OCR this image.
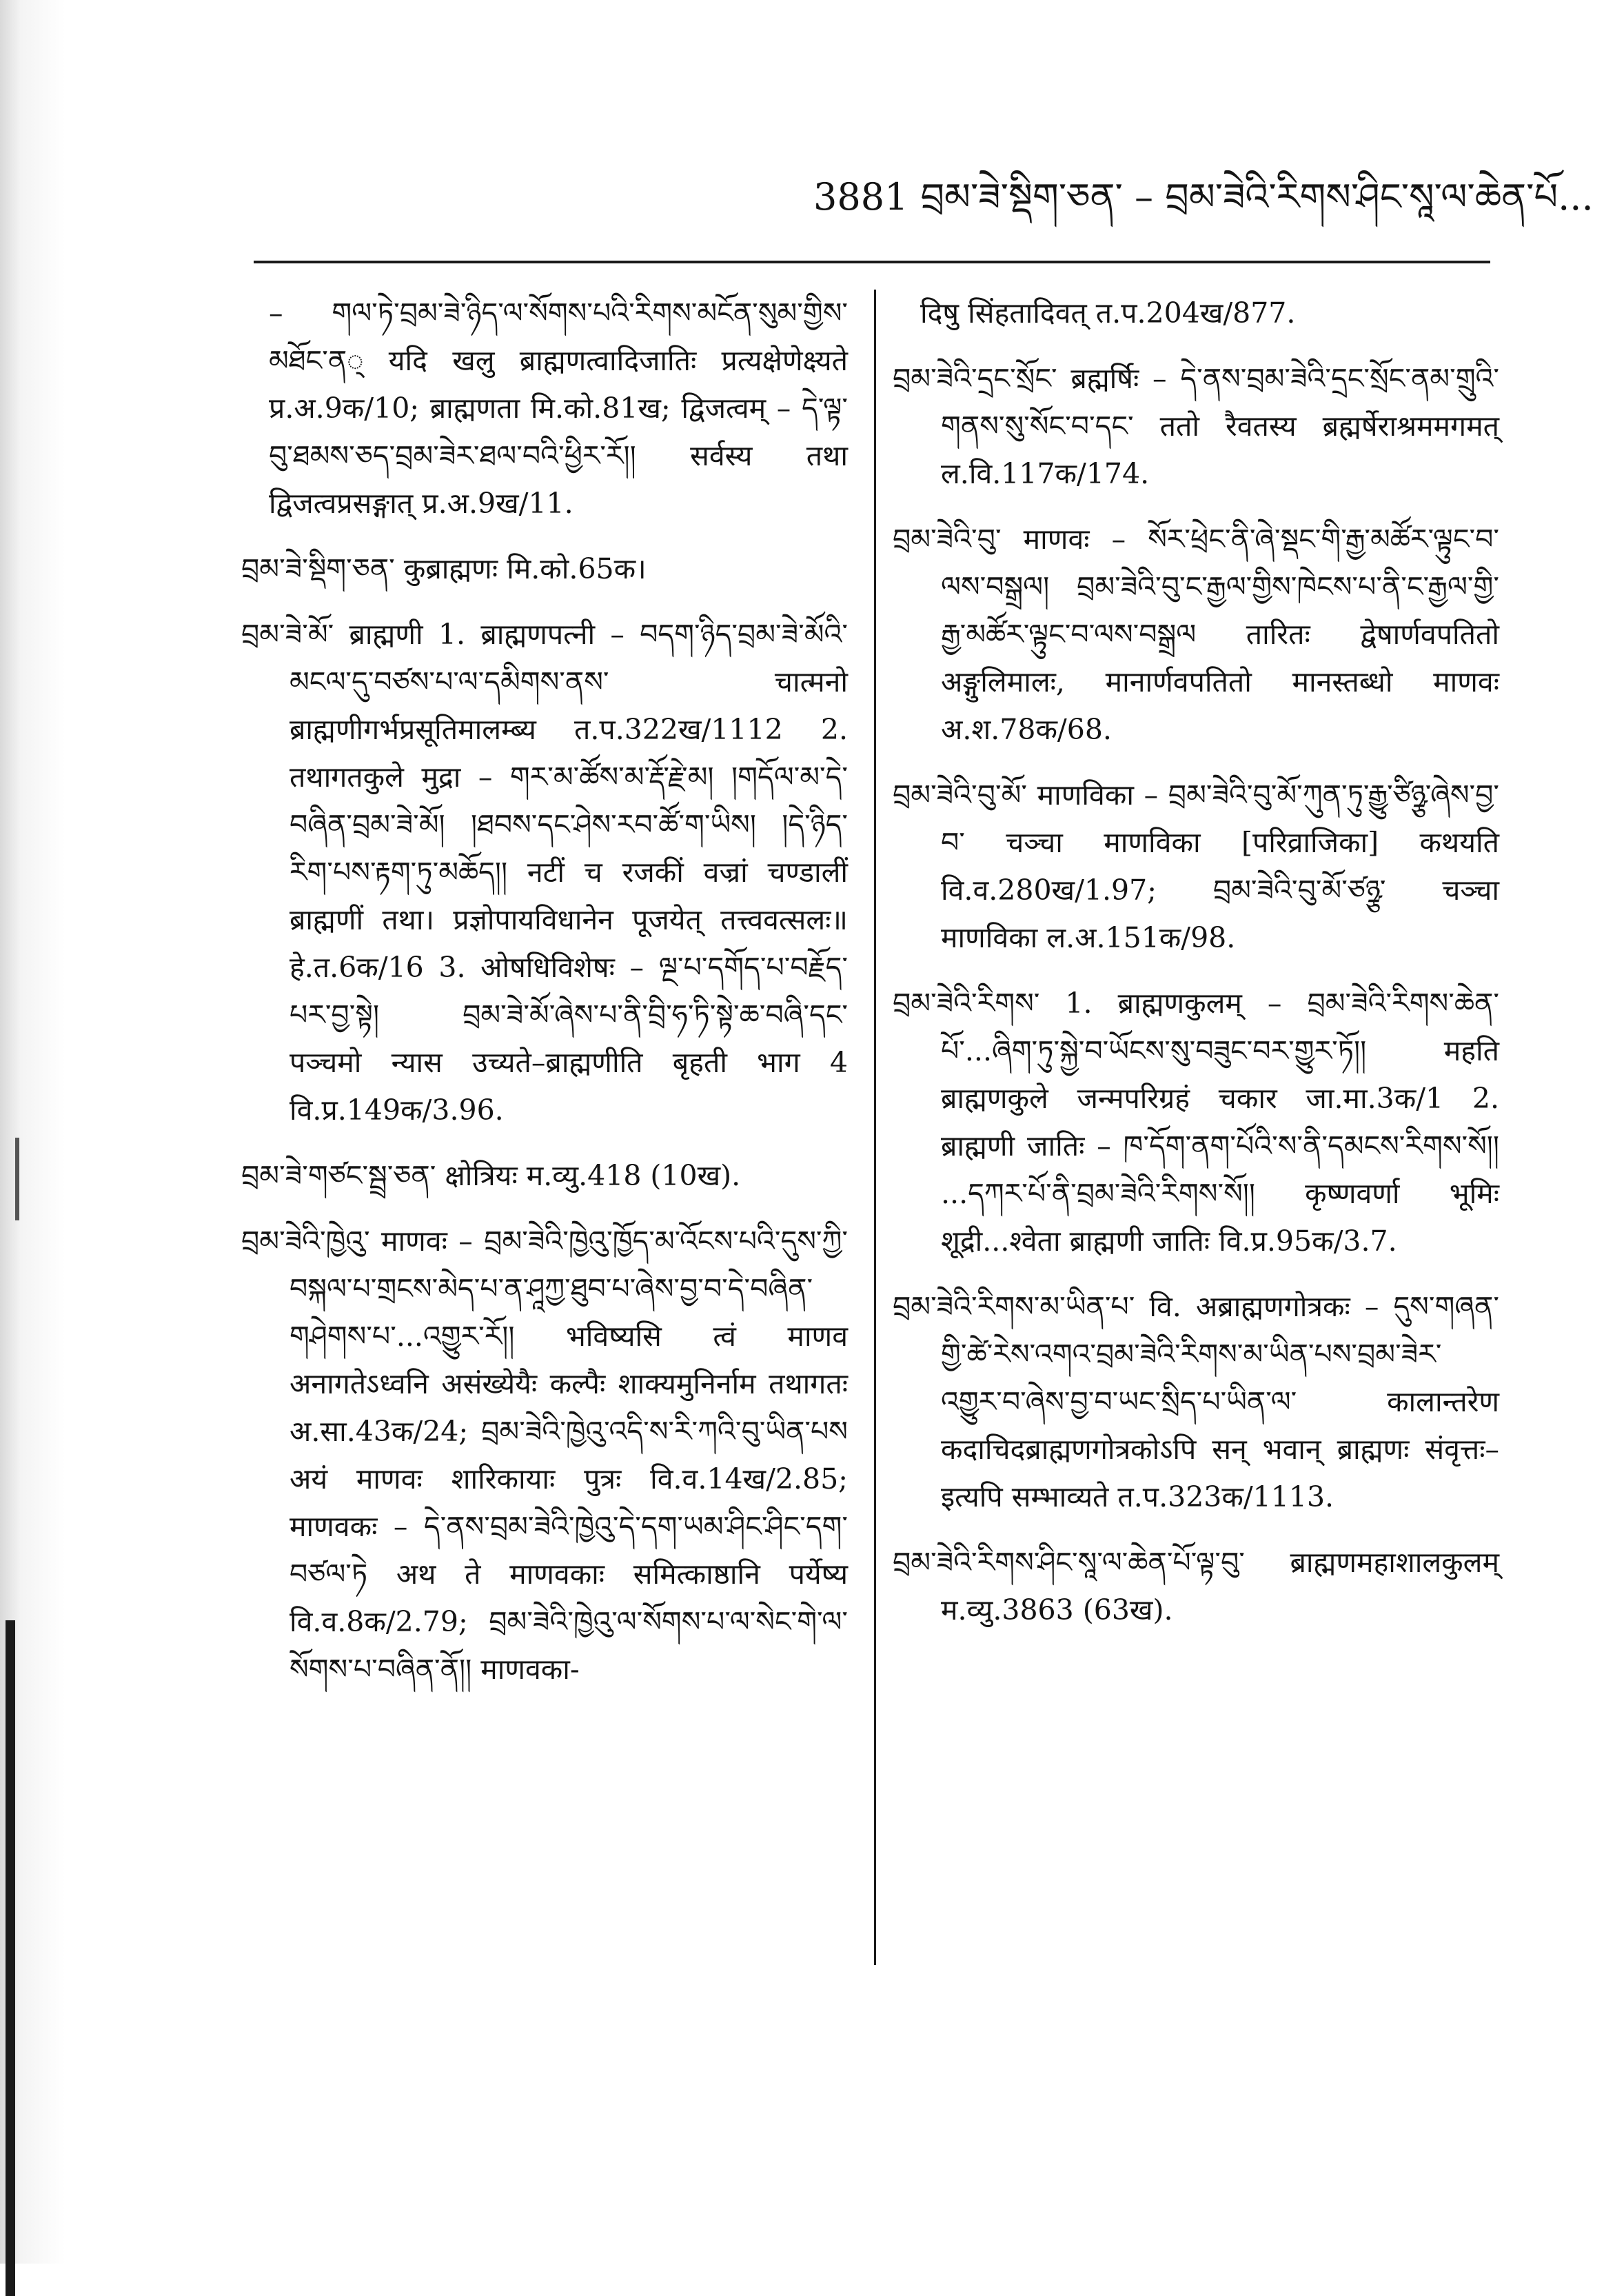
3881 བྲམ་ཟེ་སྡིག་ཅན་ – བྲམ་ཟེའི་རིགས་ཤིང་སཱ་ལ་ཆེན་པོ...

– གལ་ཏེ་བྲམ་ཟེ་ཉིད་ལ་སོགས་པའི་རིགས་མངོན་སུམ་གྱིས་མཐོང་ན् यदि खलु ब्राह्मणत्वादिजातिः प्रत्यक्षेणेक्ष्यते प्र.अ.9क/10; ब्राह्मणता मि.को.81ख; द्विजत्वम् – དེ་ལྟ་བུ་ཐམས་ཅད་བྲམ་ཟེར་ཐལ་བའི་ཕྱིར་རོ།། सर्वस्य तथा द्विजत्वप्रसङ्गात् प्र.अ.9ख/11.

བྲམ་ཟེ་སྡིག་ཅན་ कुब्राह्मणः मि.को.65क।

བྲམ་ཟེ་མོ་ ब्राह्मणी 1. ब्राह्मणपत्नी – བདག་ཉིད་བྲམ་ཟེ་མོའི་མངལ་དུ་བཙས་པ་ལ་དམིགས་ནས་ चात्मनो ब्राह्मणीगर्भप्रसूतिमालम्ब्य त.प.322ख/1112 2. तथागतकुले मुद्रा – གར་མ་ཚོས་མ་རྡོ་རྗེ་མ། །གདོལ་མ་དེ་བཞིན་བྲམ་ཟེ་མོ། །ཐབས་དང་ཤེས་རབ་ཚོ་ག་ཡིས། །དེ་ཉིད་རིག་པས་རྟག་ཏུ་མཆོད།། नटीं च रजकीं वज्रां चण्डालीं ब्राह्मणीं तथा। प्रज्ञोपायविधानेन पूजयेत् तत्त्ववत्सलः॥ हे.त.6क/16 3. ओषधिविशेषः – ལྔ་པ་དགོད་པ་བརྗོད་པར་བྱ་སྟེ། བྲམ་ཟེ་མོ་ཞེས་པ་ནི་བྲི་ཧ་ཏི་སྟེ་ཆ་བཞི་དང་ पञ्चमो न्यास उच्यते–ब्राह्मणीति बृहती भाग 4 वि.प्र.149क/3.96.

བྲམ་ཟེ་གཙང་སྦྲ་ཅན་ क्षोत्रियः म.व्यु.418 (10ख).

བྲམ་ཟེའི་ཁྱེའུ་ माणवः – བྲམ་ཟེའི་ཁྱེའུ་ཁྱོད་མ་འོངས་པའི་དུས་ཀྱི་བསྐལ་པ་གྲངས་མེད་པ་ན་ཤཱཀྱ་ཐུབ་པ་ཞེས་བྱ་བ་དེ་བཞིན་གཤེགས་པ་...འགྱུར་རོ།། भविष्यसि त्वं माणव अनागतेऽध्वनि असंख्येयैः कल्पैः शाक्यमुनिर्नाम तथागतः अ.सा.43क/24; བྲམ་ཟེའི་ཁྱེའུ་འདི་ས་རི་ཀའི་བུ་ཡིན་པས अयं माणवः शारिकायाः पुत्रः वि.व.14ख/2.85; माणवकः – དེ་ནས་བྲམ་ཟེའི་ཁྱེའུ་དེ་དག་ཡམ་ཤིང་ཤིང་དག་བཙལ་ཏེ अथ ते माणवकाः समित्काष्ठानि पर्येष्य वि.व.8क/2.79; བྲམ་ཟེའི་ཁྱེའུ་ལ་སོགས་པ་ལ་སེང་གེ་ལ་སོགས་པ་བཞིན་ནོ།། माणवका-

दिषु सिंहतादिवत् त.प.204ख/877.

བྲམ་ཟེའི་དྲང་སྲོང་ ब्रह्मर्षिः – དེ་ནས་བྲམ་ཟེའི་དྲང་སྲོང་ནམ་གྲུའི་གནས་སུ་སོང་བ་དང་ ततो रैवतस्य ब्रह्मर्षेराश्रममगमत् ल.वि.117क/174.

བྲམ་ཟེའི་བུ་ माणवः – སོར་ཕྲེང་ནི་ཞེ་སྡང་གི་རྒྱ་མཚོར་ལྟུང་བ་ལས་བསྒྲལ། བྲམ་ཟེའི་བུ་ང་རྒྱལ་གྱིས་ཁེངས་པ་ནི་ང་རྒྱལ་གྱི་རྒྱ་མཚོར་ལྟུང་བ་ལས་བསྒྲལ तारितः द्वेषार्णवपतितो अङ्गुलिमालः, मानार्णवपतितो मानस्तब्धो माणवः अ.श.78क/68.

བྲམ་ཟེའི་བུ་མོ་ माणविका – བྲམ་ཟེའི་བུ་མོ་ཀུན་ཏུ་རྒྱུ་ཙིཉྩ་ཞེས་བྱ་བ་ चञ्चा माणविका [परिव्राजिका] कथयति वि.व.280ख/1.97; བྲམ་ཟེའི་བུ་མོ་ཙཉྩ་ चञ्चा माणविका ल.अ.151क/98.

བྲམ་ཟེའི་རིགས་ 1. ब्राह्मणकुलम् – བྲམ་ཟེའི་རིགས་ཆེན་པོ་...ཞིག་ཏུ་སྐྱེ་བ་ཡོངས་སུ་བཟུང་བར་གྱུར་ཏོ།། महति ब्राह्मणकुले जन्मपरिग्रहं चकार जा.मा.3क/1 2. ब्राह्मणी जातिः – ཁ་དོག་ནག་པོའི་ས་ནི་དམངས་རིགས་སོ།། ...དཀར་པོ་ནི་བྲམ་ཟེའི་རིགས་སོ།། कृष्णवर्णा भूमिः शूद्री...श्वेता ब्राह्मणी जातिः वि.प्र.95क/3.7.

བྲམ་ཟེའི་རིགས་མ་ཡིན་པ་ वि. अब्राह्मणगोत्रकः – དུས་གཞན་གྱི་ཚེ་རེས་འགའ་བྲམ་ཟེའི་རིགས་མ་ཡིན་པས་བྲམ་ཟེར་འགྱུར་བ་ཞེས་བྱ་བ་ཡང་སྲིད་པ་ཡིན་ལ་ कालान्तरेण कदाचिदब्राह्मणगोत्रकोऽपि सन् भवान् ब्राह्मणः संवृत्तः–इत्यपि सम्भाव्यते त.प.323क/1113.

བྲམ་ཟེའི་རིགས་ཤིང་སཱ་ལ་ཆེན་པོ་ལྟ་བུ་ ब्राह्मणमहाशालकुलम् म.व्यु.3863 (63ख).
